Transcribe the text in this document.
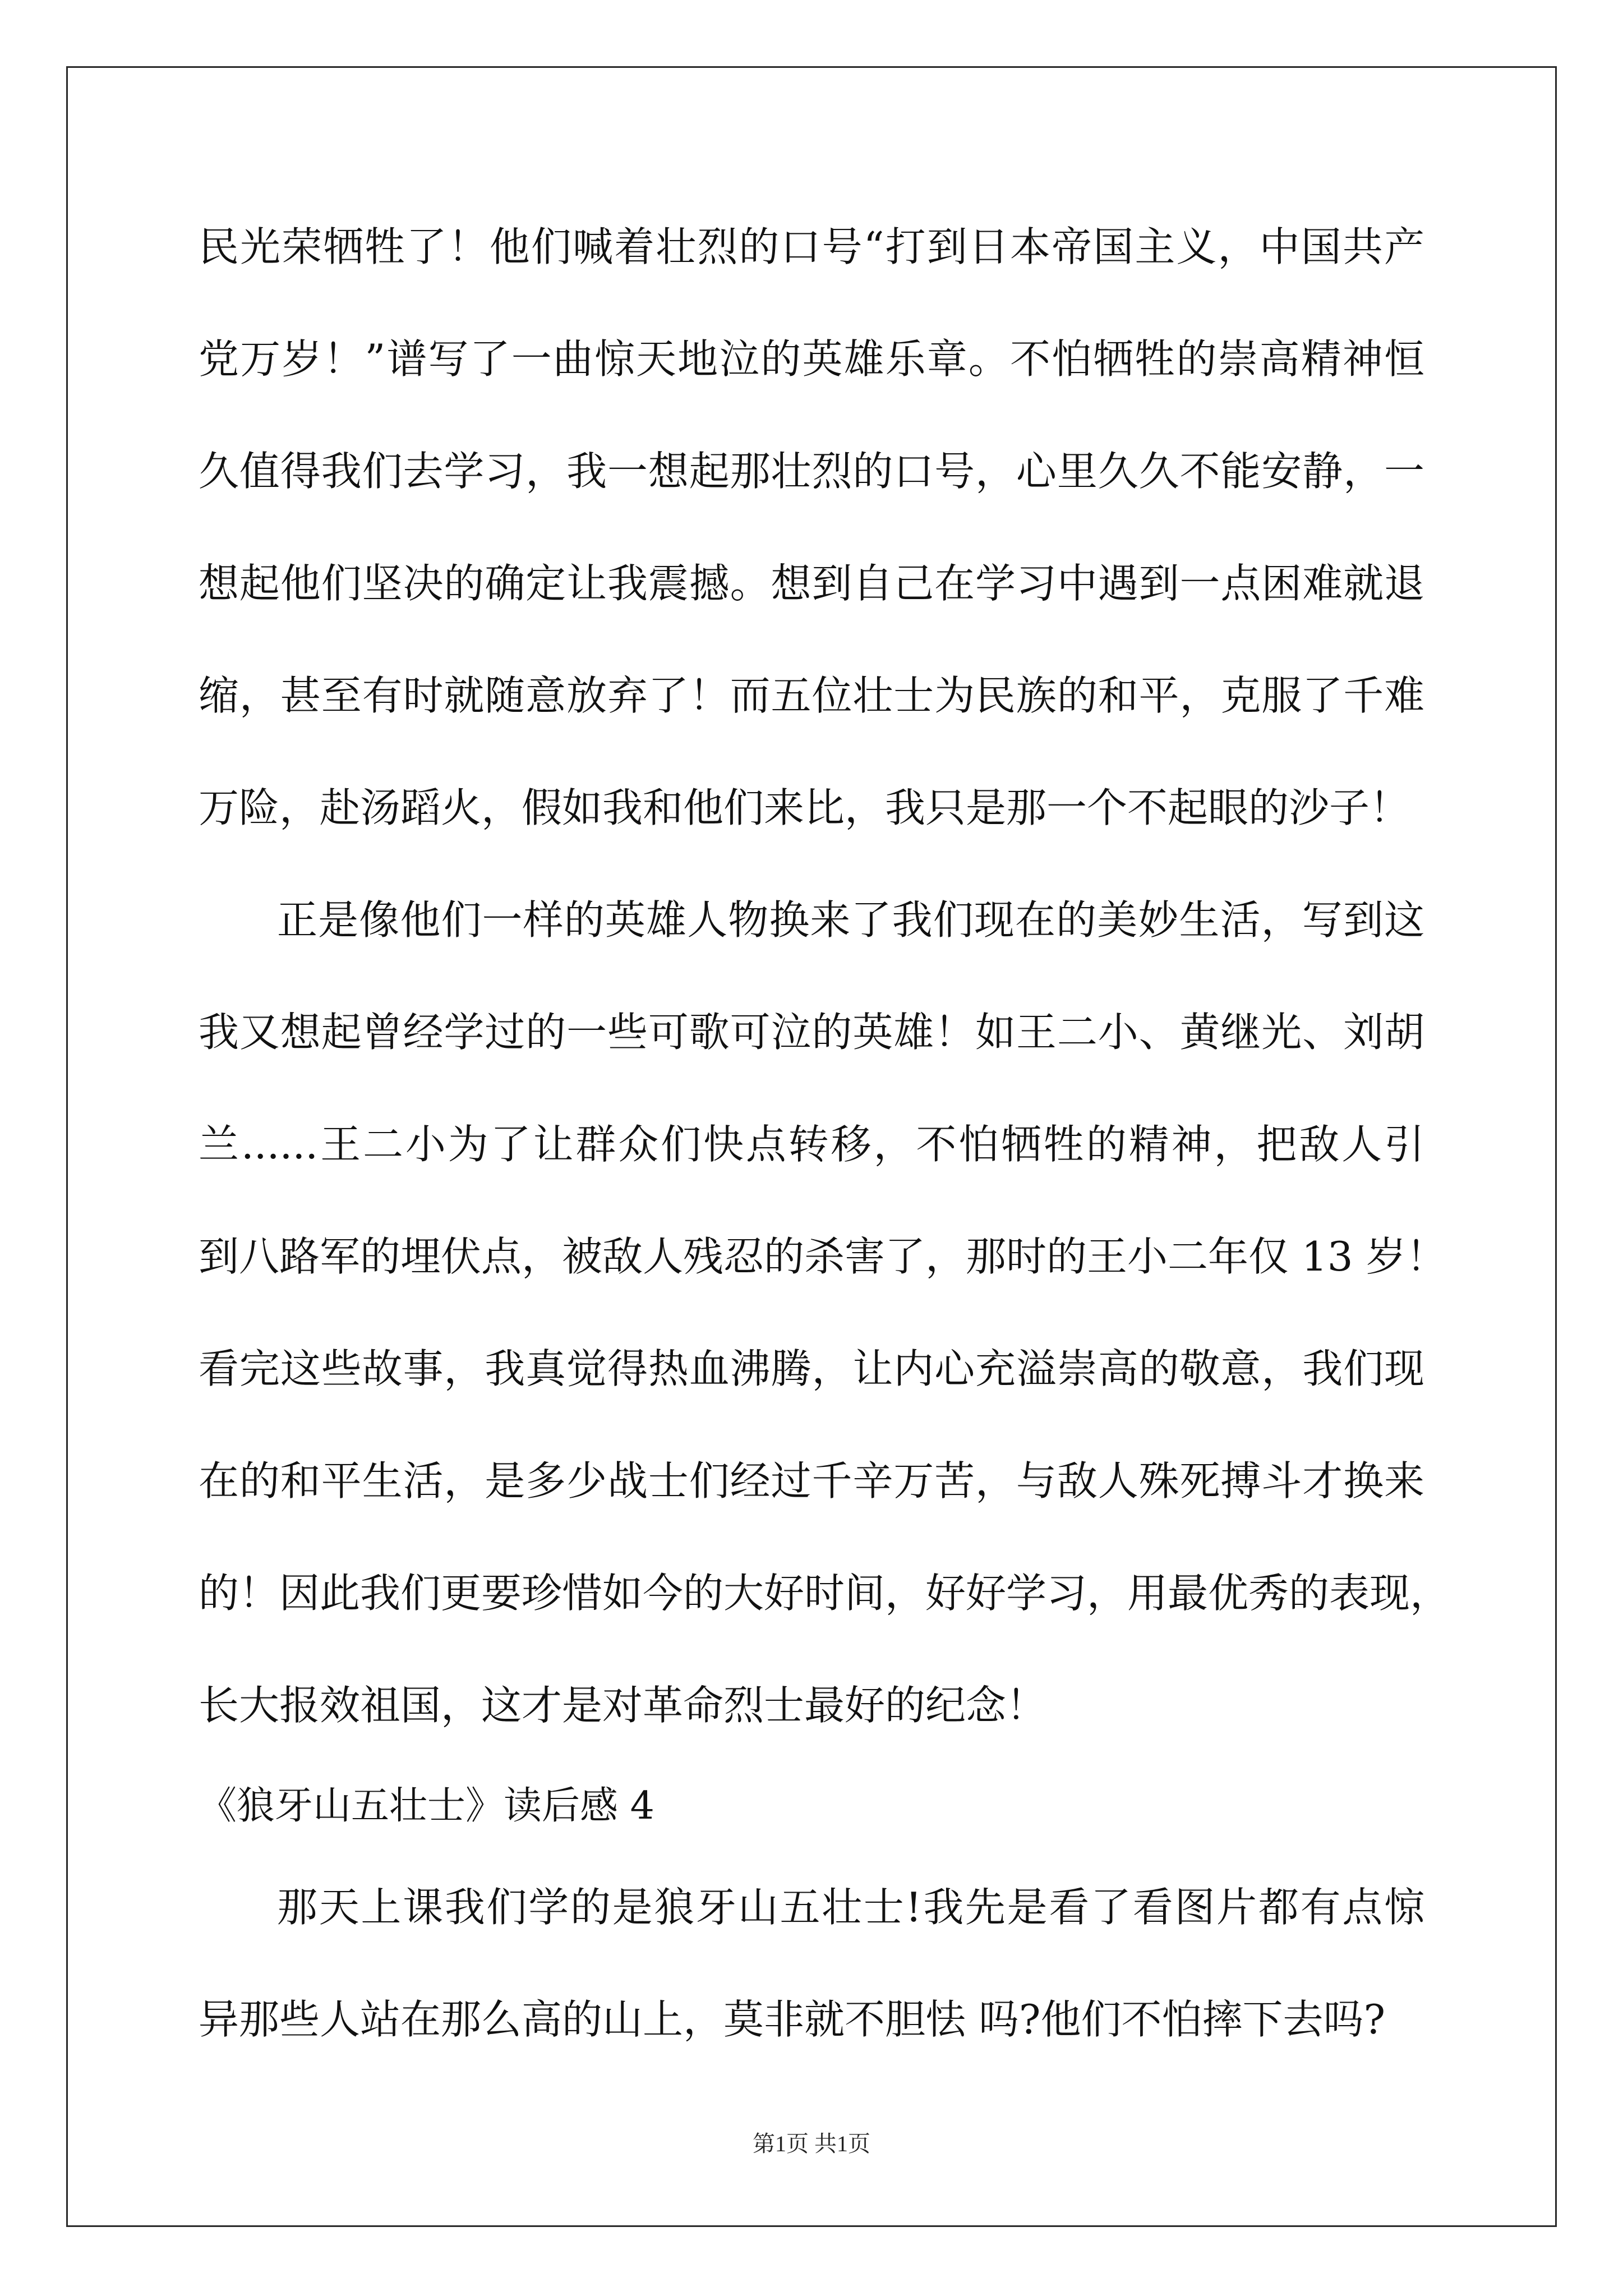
民光荣牺牲了！他们喊着壮烈的口号“打到日本帝国主义，中国共产
党万岁！”谱写了一曲惊天地泣的英雄乐章。不怕牺牲的崇高精神恒
久值得我们去学习，我一想起那壮烈的口号，心里久久不能安静，一
想起他们坚决的确定让我震撼。想到自己在学习中遇到一点困难就退
缩，甚至有时就随意放弃了！而五位壮士为民族的和平，克服了千难
万险，赴汤蹈火，假如我和他们来比，我只是那一个不起眼的沙子！
正是像他们一样的英雄人物换来了我们现在的美妙生活，写到这
我又想起曾经学过的一些可歌可泣的英雄！如王二小、黄继光、刘胡
兰......王二小为了让群众们快点转移，不怕牺牲的精神，把敌人引
到八路军的埋伏点，被敌人残忍的杀害了，那时的王小二年仅 13 岁！
看完这些故事，我真觉得热血沸腾，让内心充溢崇高的敬意，我们现
在的和平生活，是多少战士们经过千辛万苦，与敌人殊死搏斗才换来
的！因此我们更要珍惜如今的大好时间，好好学习，用最优秀的表现，
长大报效祖国，这才是对革命烈士最好的纪念！
《狼牙山五壮士》读后感 4
那天上课我们学的是狼牙山五壮士!我先是看了看图片都有点惊
异那些人站在那么高的山上，莫非就不胆怯 吗?他们不怕摔下去吗?
第1页 共1页
